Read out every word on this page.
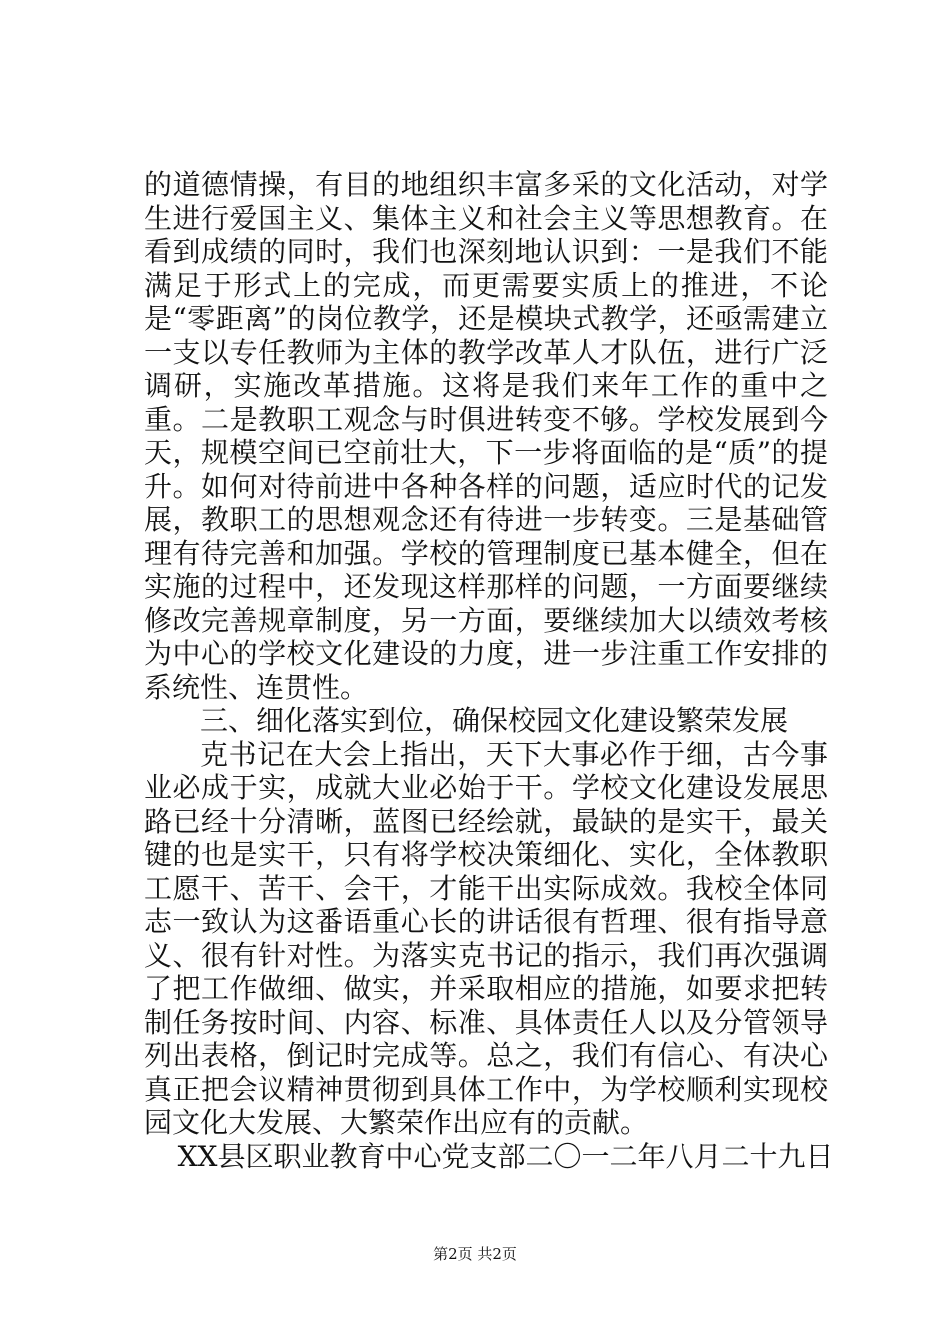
的道德情操，有目的地组织丰富多采的文化活动，对学生进行爱国主义、集体主义和社会主义等思想教育。在看到成绩的同时，我们也深刻地认识到：一是我们不能满足于形式上的完成，而更需要实质上的推进，不论是“零距离”的岗位教学，还是模块式教学，还亟需建立一支以专任教师为主体的教学改革人才队伍，进行广泛调研，实施改革措施。这将是我们来年工作的重中之重。二是教职工观念与时俱进转变不够。学校发展到今天，规模空间已空前壮大，下一步将面临的是“质”的提升。如何对待前进中各种各样的问题，适应时代的记发展，教职工的思想观念还有待进一步转变。三是基础管理有待完善和加强。学校的管理制度已基本健全，但在实施的过程中，还发现这样那样的问题，一方面要继续修改完善规章制度，另一方面，要继续加大以绩效考核为中心的学校文化建设的力度，进一步注重工作安排的系统性、连贯性。

三、细化落实到位，确保校园文化建设繁荣发展

克书记在大会上指出，天下大事必作于细，古今事业必成于实，成就大业必始于干。学校文化建设发展思路已经十分清晰，蓝图已经绘就，最缺的是实干，最关键的也是实干，只有将学校决策细化、实化，全体教职工愿干、苦干、会干，才能干出实际成效。我校全体同志一致认为这番语重心长的讲话很有哲理、很有指导意义、很有针对性。为落实克书记的指示，我们再次强调了把工作做细、做实，并采取相应的措施，如要求把转制任务按时间、内容、标准、具体责任人以及分管领导列出表格，倒记时完成等。总之，我们有信心、有决心真正把会议精神贯彻到具体工作中，为学校顺利实现校园文化大发展、大繁荣作出应有的贡献。

XX县区职业教育中心党支部二〇一二年八月二十九日

第2页 共2页
